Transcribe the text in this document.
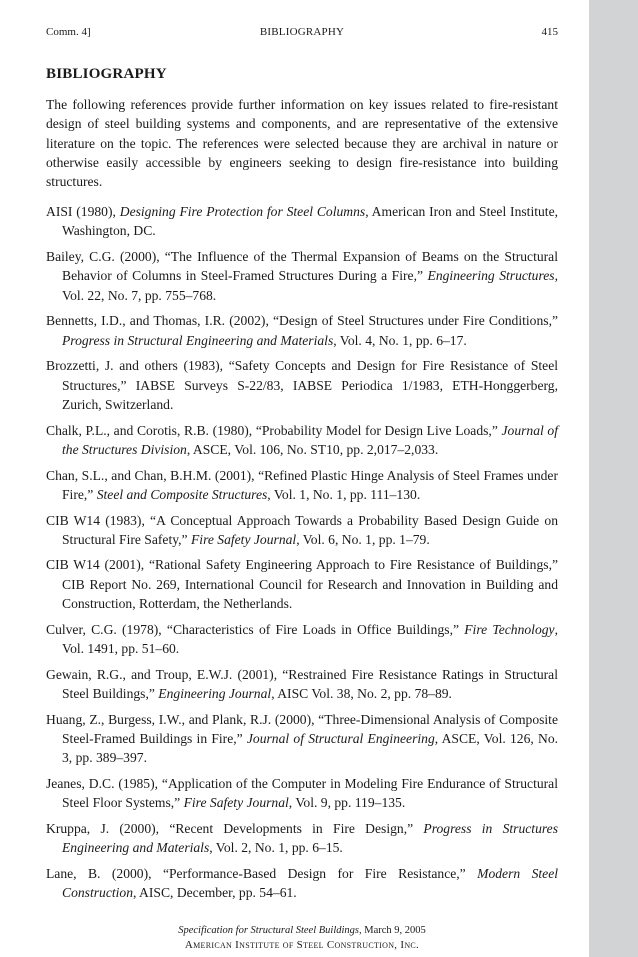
Comm. 4]	BIBLIOGRAPHY	415
BIBLIOGRAPHY

The following references provide further information on key issues related to fire-resistant design of steel building systems and components, and are representative of the extensive literature on the topic. The references were selected because they are archival in nature or otherwise easily accessible by engineers seeking to design fire-resistance into building structures.

AISI (1980), Designing Fire Protection for Steel Columns, American Iron and Steel Institute, Washington, DC.
Bailey, C.G. (2000), “The Influence of the Thermal Expansion of Beams on the Structural Behavior of Columns in Steel-Framed Structures During a Fire,” Engineering Structures, Vol. 22, No. 7, pp. 755–768.
Bennetts, I.D., and Thomas, I.R. (2002), “Design of Steel Structures under Fire Conditions,” Progress in Structural Engineering and Materials, Vol. 4, No. 1, pp. 6–17.
Brozzetti, J. and others (1983), “Safety Concepts and Design for Fire Resistance of Steel Structures,” IABSE Surveys S-22/83, IABSE Periodica 1/1983, ETH-Honggerberg, Zurich, Switzerland.
Chalk, P.L., and Corotis, R.B. (1980), “Probability Model for Design Live Loads,” Journal of the Structures Division, ASCE, Vol. 106, No. ST10, pp. 2,017–2,033.
Chan, S.L., and Chan, B.H.M. (2001), “Refined Plastic Hinge Analysis of Steel Frames under Fire,” Steel and Composite Structures, Vol. 1, No. 1, pp. 111–130.
CIB W14 (1983), “A Conceptual Approach Towards a Probability Based Design Guide on Structural Fire Safety,” Fire Safety Journal, Vol. 6, No. 1, pp. 1–79.
CIB W14 (2001), “Rational Safety Engineering Approach to Fire Resistance of Buildings,” CIB Report No. 269, International Council for Research and Innovation in Building and Construction, Rotterdam, the Netherlands.
Culver, C.G. (1978), “Characteristics of Fire Loads in Office Buildings,” Fire Technology, Vol. 1491, pp. 51–60.
Gewain, R.G., and Troup, E.W.J. (2001), “Restrained Fire Resistance Ratings in Structural Steel Buildings,” Engineering Journal, AISC Vol. 38, No. 2, pp. 78–89.
Huang, Z., Burgess, I.W., and Plank, R.J. (2000), “Three-Dimensional Analysis of Composite Steel-Framed Buildings in Fire,” Journal of Structural Engineering, ASCE, Vol. 126, No. 3, pp. 389–397.
Jeanes, D.C. (1985), “Application of the Computer in Modeling Fire Endurance of Structural Steel Floor Systems,” Fire Safety Journal, Vol. 9, pp. 119–135.
Kruppa, J. (2000), “Recent Developments in Fire Design,” Progress in Structures Engineering and Materials, Vol. 2, No. 1, pp. 6–15.
Lane, B. (2000), “Performance-Based Design for Fire Resistance,” Modern Steel Construction, AISC, December, pp. 54–61.
Specification for Structural Steel Buildings, March 9, 2005
American Institute of Steel Construction, Inc.
